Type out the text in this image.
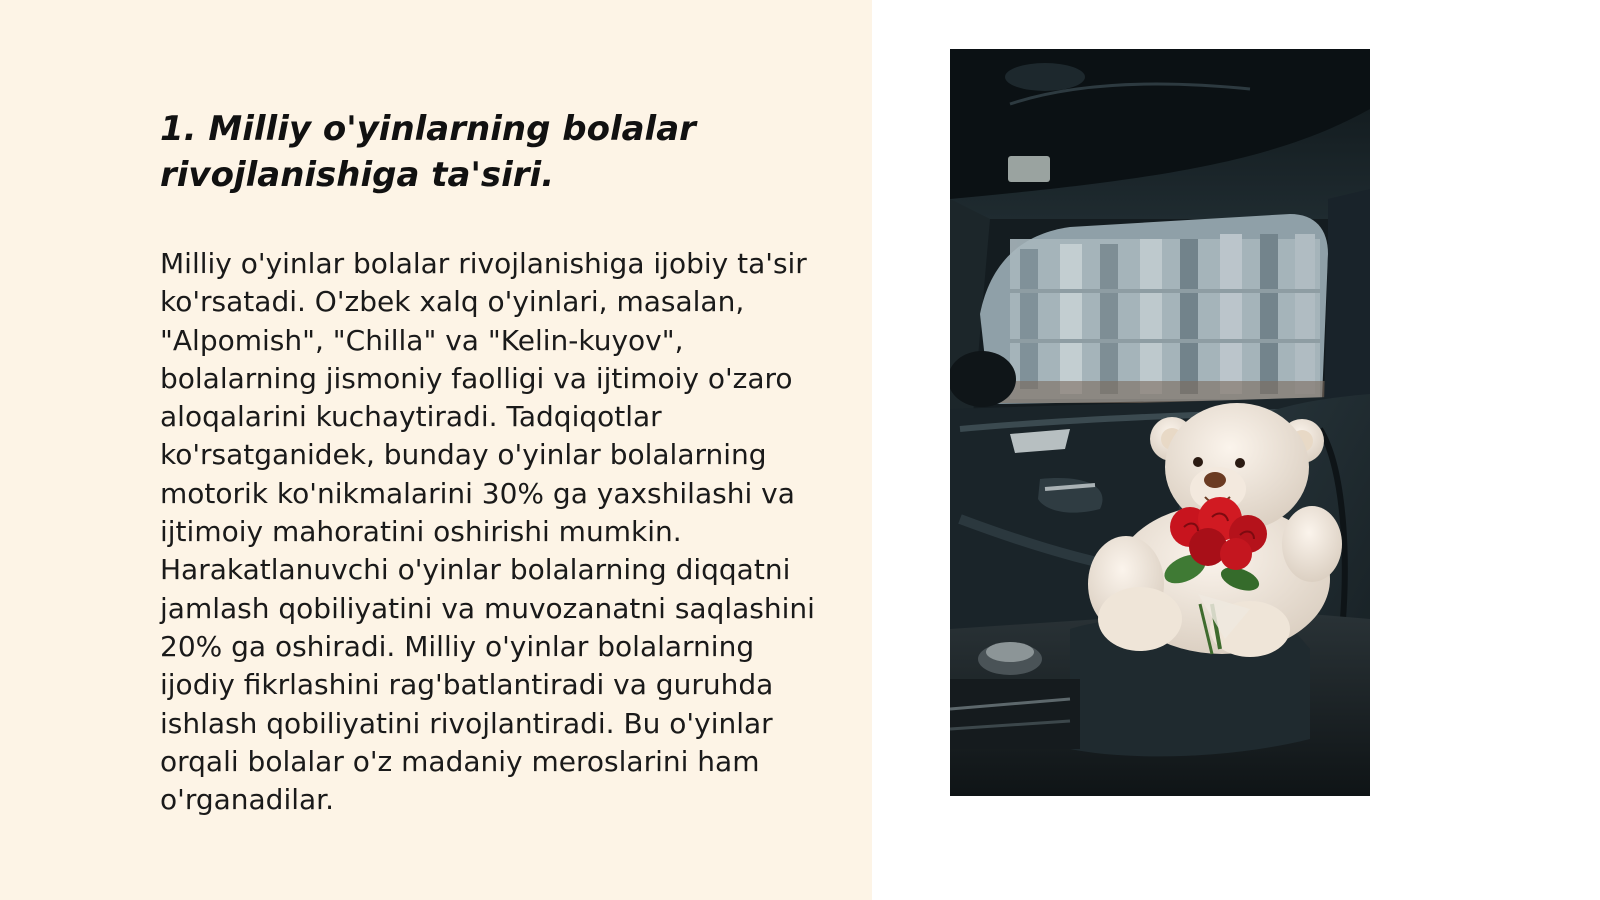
1. Milliy o'yinlarning bolalar rivojlanishiga ta'siri.

Milliy o'yinlar bolalar rivojlanishiga ijobiy ta'sir ko'rsatadi. O'zbek xalq o'yinlari, masalan, "Alpomish", "Chilla" va "Kelin-kuyov", bolalarning jismoniy faolligi va ijtimoiy o'zaro aloqalarini kuchaytiradi. Tadqiqotlar ko'rsatganidek, bunday o'yinlar bolalarning motorik ko'nikmalarini 30% ga yaxshilashi va ijtimoiy mahoratini oshirishi mumkin. Harakatlanuvchi o'yinlar bolalarning diqqatni jamlash qobiliyatini va muvozanatni saqlashini 20% ga oshiradi. Milliy o'yinlar bolalarning ijodiy fikrlashini rag'batlantiradi va guruhda ishlash qobiliyatini rivojlantiradi. Bu o'yinlar orqali bolalar o'z madaniy meroslarini ham o'rganadilar.
